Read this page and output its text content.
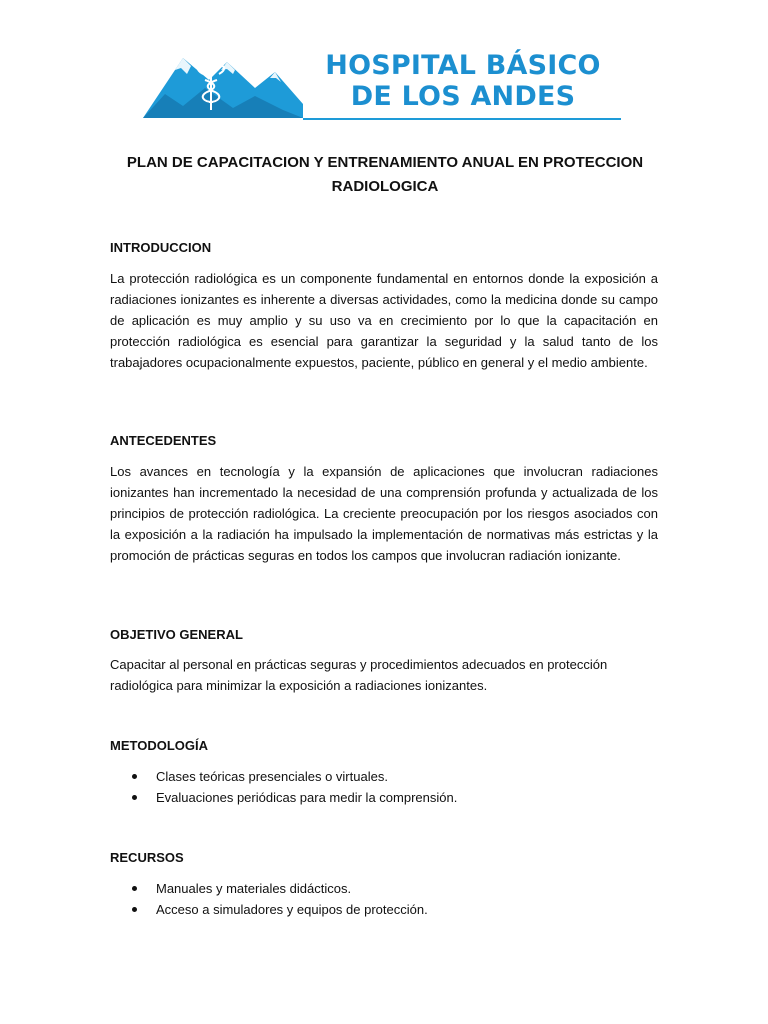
HOSPITAL BÁSICO
DE LOS ANDES
PLAN DE CAPACITACION Y ENTRENAMIENTO ANUAL EN PROTECCION RADIOLOGICA
INTRODUCCION

La protección radiológica es un componente fundamental en entornos donde la exposición a radiaciones ionizantes es inherente a diversas actividades, como la medicina donde su campo de aplicación es muy amplio y su uso va en crecimiento por lo que la capacitación en protección radiológica es esencial para garantizar la seguridad y la salud tanto de los trabajadores ocupacionalmente expuestos, paciente, público en general y el medio ambiente.

ANTECEDENTES

Los avances en tecnología y la expansión de aplicaciones que involucran radiaciones ionizantes han incrementado la necesidad de una comprensión profunda y actualizada de los principios de protección radiológica. La creciente preocupación por los riesgos asociados con la exposición a la radiación ha impulsado la implementación de normativas más estrictas y la promoción de prácticas seguras en todos los campos que involucran radiación ionizante.

OBJETIVO GENERAL

Capacitar al personal en prácticas seguras y procedimientos adecuados en protección radiológica para minimizar la exposición a radiaciones ionizantes.

METODOLOGÍA
Clases teóricas presenciales o virtuales.
Evaluaciones periódicas para medir la comprensión.
RECURSOS
Manuales y materiales didácticos.
Acceso a simuladores y equipos de protección.
